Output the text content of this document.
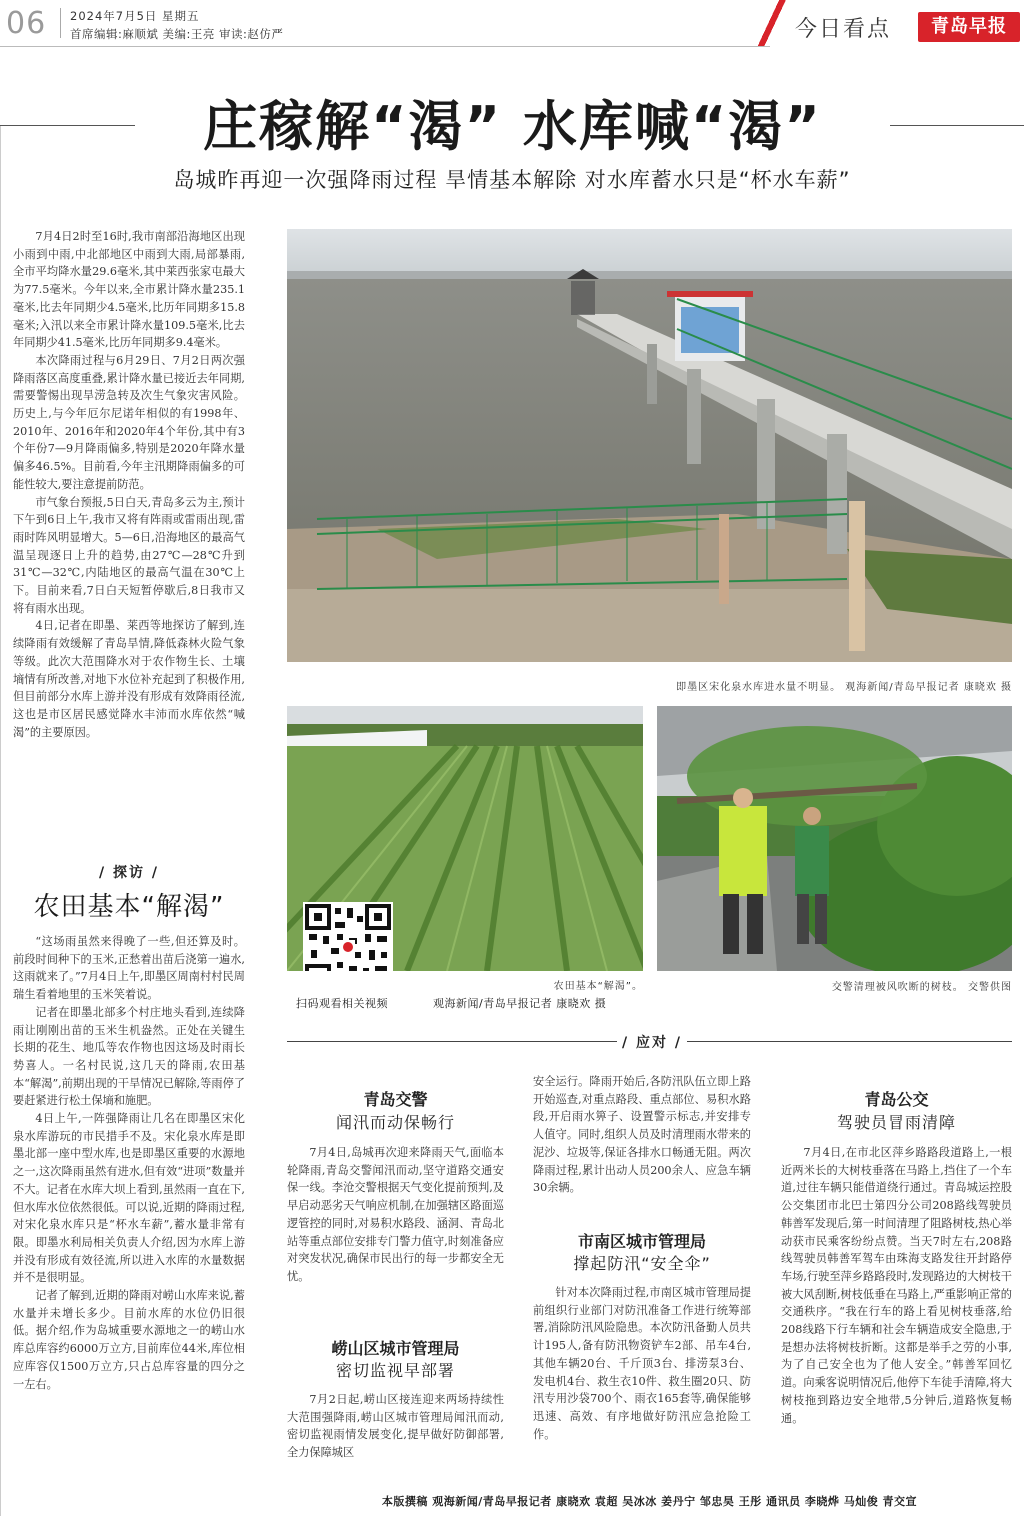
06 2024年7月5日 星期五
首席编辑:麻顺斌 美编:王亮 审读:赵仿严	今日看点	青岛早报
庄稼解“渴” 水库喊“渴”
岛城昨再迎一次强降雨过程 旱情基本解除 对水库蓄水只是“杯水车薪”

7月4日2时至16时,我市南部沿海地区出现小雨到中雨,中北部地区中雨到大雨,局部暴雨,全市平均降水量29.6毫米,其中莱西张家屯最大为77.5毫米。今年以来,全市累计降水量235.1毫米,比去年同期少4.5毫米,比历年同期多15.8毫米;入汛以来全市累计降水量109.5毫米,比去年同期少41.5毫米,比历年同期多9.4毫米。

本次降雨过程与6月29日、7月2日两次强降雨落区高度重叠,累计降水量已接近去年同期,需要警惕出现旱涝急转及次生气象灾害风险。历史上,与今年厄尔尼诺年相似的有1998年、2010年、2016年和2020年4个年份,其中有3个年份7—9月降雨偏多,特别是2020年降水量偏多46.5%。目前看,今年主汛期降雨偏多的可能性较大,要注意提前防范。

市气象台预报,5日白天,青岛多云为主,预计下午到6日上午,我市又将有阵雨或雷雨出现,雷雨时阵风明显增大。5—6日,沿海地区的最高气温呈现逐日上升的趋势,由27℃—28℃升到31℃—32℃,内陆地区的最高气温在30℃上下。目前来看,7日白天短暂停歇后,8日我市又将有雨水出现。

4日,记者在即墨、莱西等地探访了解到,连续降雨有效缓解了青岛旱情,降低森林火险气象等级。此次大范围降水对于农作物生长、土壤墒情有所改善,对地下水位补充起到了积极作用,但目前部分水库上游并没有形成有效降雨径流,这也是市区居民感觉降水丰沛而水库依然“喊渴”的主要原因。

/ 探访 /
农田基本“解渴”

“这场雨虽然来得晚了一些,但还算及时。前段时间种下的玉米,正愁着出苗后浇第一遍水,这雨就来了。”7月4日上午,即墨区周南村村民周瑞生看着地里的玉米笑着说。

记者在即墨北部多个村庄地头看到,连续降雨让刚刚出苗的玉米生机盎然。正处在关键生长期的花生、地瓜等农作物也因这场及时雨长势喜人。一名村民说,这几天的降雨,农田基本“解渴”,前期出现的干旱情况已解除,等雨停了要赶紧进行松土保墒和施肥。

4日上午,一阵强降雨让几名在即墨区宋化泉水库游玩的市民措手不及。宋化泉水库是即墨北部一座中型水库,也是即墨区重要的水源地之一,这次降雨虽然有进水,但有效“进项”数量并不大。记者在水库大坝上看到,虽然雨一直在下,但水库水位依然很低。可以说,近期的降雨过程,对宋化泉水库只是“杯水车薪”,蓄水量非常有限。即墨水利局相关负责人介绍,因为水库上游并没有形成有效径流,所以进入水库的水量数据并不是很明显。

记者了解到,近期的降雨对崂山水库来说,蓄水量并未增长多少。目前水库的水位仍旧很低。据介绍,作为岛城重要水源地之一的崂山水库总库容约6000万立方,目前库位44米,库位相应库容仅1500万立方,只占总库容量的四分之一左右。

即墨区宋化泉水库进水量不明显。 观海新闻/青岛早报记者 康晓欢 摄
农田基本“解渴”。
扫码观看相关视频	观海新闻/青岛早报记者 康晓欢 摄
交警清理被风吹断的树枝。 交警供图
/ 应对 /
青岛交警
闻汛而动保畅行

7月4日,岛城再次迎来降雨天气,面临本轮降雨,青岛交警闻汛而动,坚守道路交通安保一线。李沧交警根据天气变化提前预判,及早启动恶劣天气响应机制,在加强辖区路面巡逻管控的同时,对易积水路段、涵洞、青岛北站等重点部位安排专门警力值守,时刻准备应对突发状况,确保市民出行的每一步都安全无忧。

崂山区城市管理局
密切监视早部署

7月2日起,崂山区接连迎来两场持续性大范围强降雨,崂山区城市管理局闻汛而动,密切监视雨情发展变化,提早做好防御部署,全力保障城区

安全运行。降雨开始后,各防汛队伍立即上路开始巡查,对重点路段、重点部位、易积水路段,开启雨水箅子、设置警示标志,并安排专人值守。同时,组织人员及时清理雨水带来的泥沙、垃圾等,保证各排水口畅通无阻。两次降雨过程,累计出动人员200余人、应急车辆30余辆。

市南区城市管理局
撑起防汛“安全伞”

针对本次降雨过程,市南区城市管理局提前组织行业部门对防汛准备工作进行统筹部署,消除防汛风险隐患。本次防汛备勤人员共计195人,备有防汛物资铲车2部、吊车4台,其他车辆20台、千斤顶3台、排涝泵3台、发电机4台、救生衣10件、救生圈20只、防汛专用沙袋700个、雨衣165套等,确保能够迅速、高效、有序地做好防汛应急抢险工作。

青岛公交
驾驶员冒雨清障

7月4日,在市北区萍乡路路段道路上,一根近两米长的大树枝垂落在马路上,挡住了一个车道,过往车辆只能借道绕行通过。青岛城运控股公交集团市北巴士第四分公司208路线驾驶员韩善军发现后,第一时间清理了阻路树枝,热心举动获市民乘客纷纷点赞。当天7时左右,208路线驾驶员韩善军驾车由珠海支路发往开封路停车场,行驶至萍乡路路段时,发现路边的大树枝干被大风刮断,树枝低垂在马路上,严重影响正常的交通秩序。“我在行车的路上看见树枝垂落,给208线路下行车辆和社会车辆造成安全隐患,于是想办法将树枝折断。这都是举手之劳的小事,为了自己安全也为了他人安全。”韩善军回忆道。向乘客说明情况后,他停下车徒手清障,将大树枝拖到路边安全地带,5分钟后,道路恢复畅通。

本版撰稿 观海新闻/青岛早报记者 康晓欢 袁超 吴冰冰 姜丹宁 邹忠昊 王彤 通讯员 李晓烨 马灿俊 青交宣
